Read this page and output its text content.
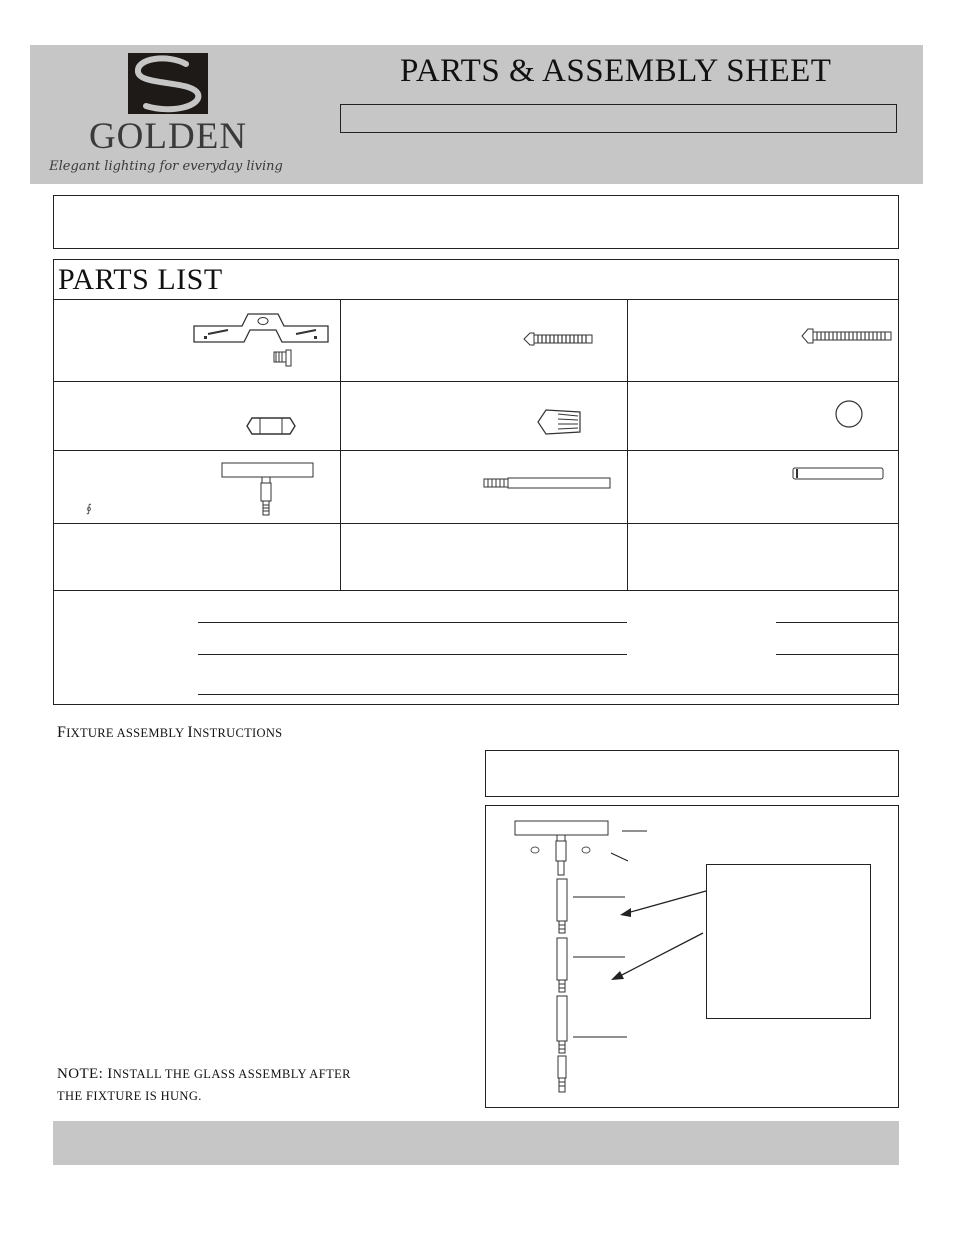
GOLDEN
Elegant lighting for everyday living
PARTS & ASSEMBLY SHEET
PARTS LIST
∮
FIXTURE ASSEMBLY INSTRUCTIONS
NOTE: INSTALL THE GLASS ASSEMBLY AFTER
THE FIXTURE IS HUNG.
